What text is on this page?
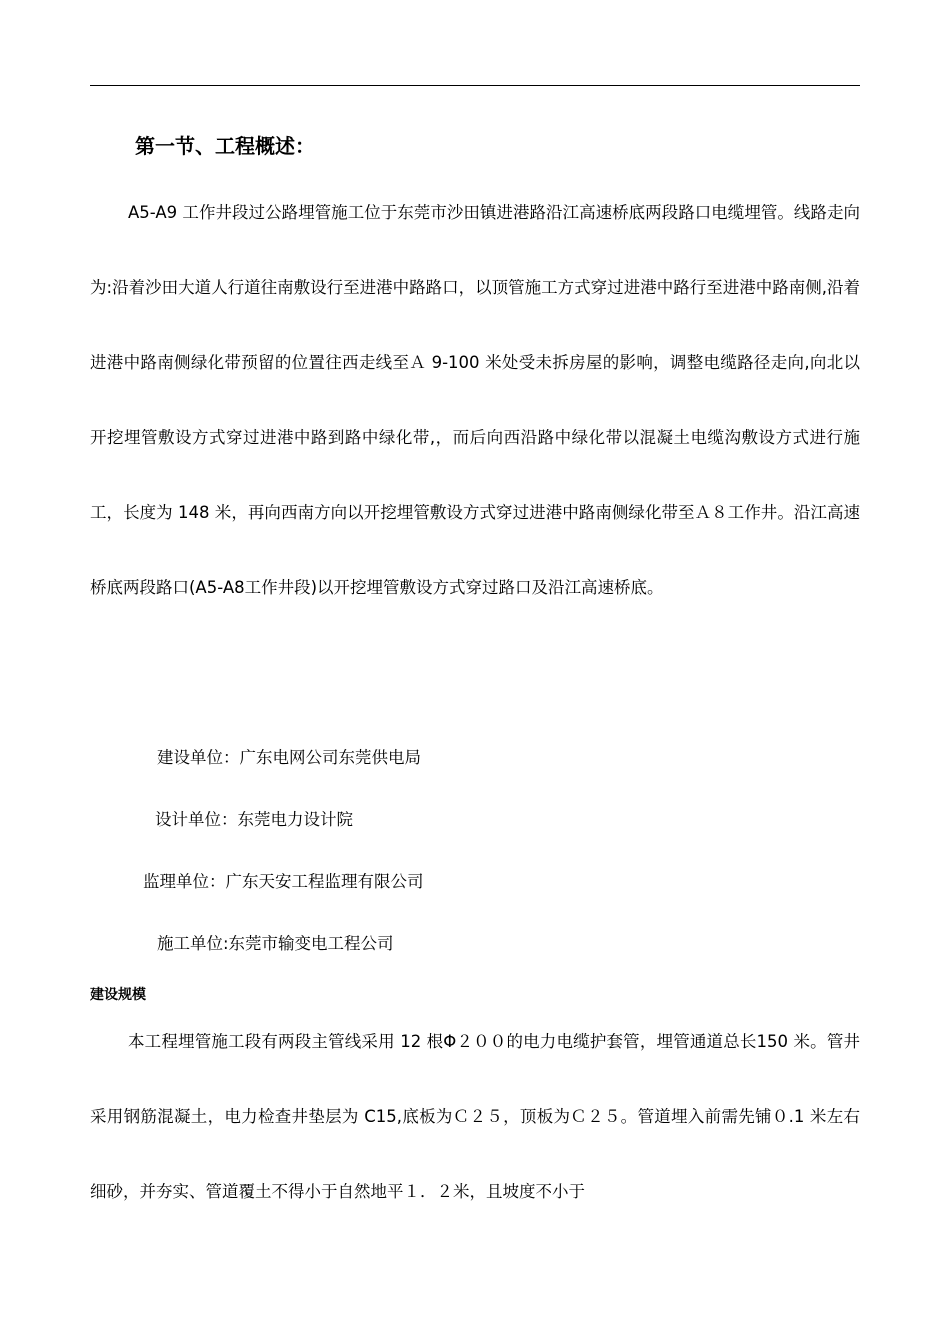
第一节、工程概述：

A5-A9 工作井段过公路埋管施工位于东莞市沙田镇进港路沿江高速桥底两段路口电缆埋管。线路走向为:沿着沙田大道人行道往南敷设行至进港中路路口，以顶管施工方式穿过进港中路行至进港中路南侧,沿着进港中路南侧绿化带预留的位置往西走线至Ａ 9-100 米处受未拆房屋的影响，调整电缆路径走向,向北以开挖埋管敷设方式穿过进港中路到路中绿化带,，而后向西沿路中绿化带以混凝土电缆沟敷设方式进行施工，长度为 148 米，再向西南方向以开挖埋管敷设方式穿过进港中路南侧绿化带至Ａ８工作井。沿江高速桥底两段路口(A5-A8工作井段)以开挖埋管敷设方式穿过路口及沿江高速桥底。

建设单位：广东电网公司东莞供电局
设计单位：东莞电力设计院
监理单位：广东天安工程监理有限公司
施工单位:东莞市输变电工程公司
建设规模

本工程埋管施工段有两段主管线采用 12 根Φ２００的电力电缆护套管，埋管通道总长150 米。管井采用钢筋混凝土，电力检查井垫层为 C15,底板为Ｃ２５，顶板为Ｃ２５。管道埋入前需先铺０.1 米左右细砂，并夯实、管道覆土不得小于自然地平１．２米，且坡度不小于
